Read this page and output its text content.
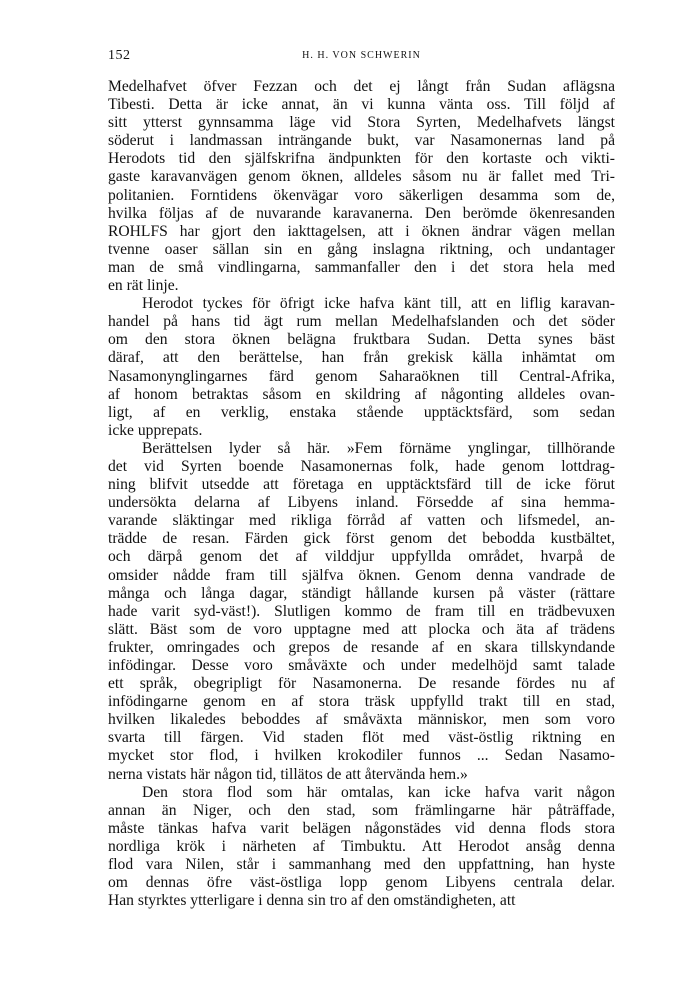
152	H. H. VON SCHWERIN
Medelhafvet öfver Fezzan och det ej långt från Sudan aflägsna
Tibesti. Detta är icke annat, än vi kunna vänta oss. Till följd af
sitt ytterst gynnsamma läge vid Stora Syrten, Medelhafvets längst
söderut i landmassan inträngande bukt, var Nasamonernas land på
Herodots tid den själfskrifna ändpunkten för den kortaste och vikti-
gaste karavanvägen genom öknen, alldeles såsom nu är fallet med Tri-
politanien. Forntidens ökenvägar voro säkerligen desamma som de,
hvilka följas af de nuvarande karavanerna. Den berömde ökenresanden
ROHLFS har gjort den iakttagelsen, att i öknen ändrar vägen mellan
tvenne oaser sällan sin en gång inslagna riktning, och undantager
man de små vindlingarna, sammanfaller den i det stora hela med
en rät linje.
Herodot tyckes för öfrigt icke hafva känt till, att en liflig karavan-
handel på hans tid ägt rum mellan Medelhafslanden och det söder
om den stora öknen belägna fruktbara Sudan. Detta synes bäst
däraf, att den berättelse, han från grekisk källa inhämtat om
Nasamonynglingarnes färd genom Saharaöknen till Central-Afrika,
af honom betraktas såsom en skildring af någonting alldeles ovan-
ligt, af en verklig, enstaka stående upptäcktsfärd, som sedan
icke upprepats.
Berättelsen lyder så här. »Fem förnäme ynglingar, tillhörande
det vid Syrten boende Nasamonernas folk, hade genom lottdrag-
ning blifvit utsedde att företaga en upptäcktsfärd till de icke förut
undersökta delarna af Libyens inland. Försedde af sina hemma-
varande släktingar med rikliga förråd af vatten och lifsmedel, an-
trädde de resan. Färden gick först genom det bebodda kustbältet,
och därpå genom det af vilddjur uppfyllda området, hvarpå de
omsider nådde fram till själfva öknen. Genom denna vandrade de
många och långa dagar, ständigt hållande kursen på väster (rättare
hade varit syd-väst!). Slutligen kommo de fram till en trädbevuxen
slätt. Bäst som de voro upptagne med att plocka och äta af trädens
frukter, omringades och grepos de resande af en skara tillskyndande
infödingar. Desse voro småväxte och under medelhöjd samt talade
ett språk, obegripligt för Nasamonerna. De resande fördes nu af
infödingarne genom en af stora träsk uppfylld trakt till en stad,
hvilken likaledes beboddes af småväxta människor, men som voro
svarta till färgen. Vid staden flöt med väst-östlig riktning en
mycket stor flod, i hvilken krokodiler funnos ... Sedan Nasamo-
nerna vistats här någon tid, tillätos de att återvända hem.»
Den stora flod som här omtalas, kan icke hafva varit någon
annan än Niger, och den stad, som främlingarne här påträffade,
måste tänkas hafva varit belägen någonstädes vid denna flods stora
nordliga krök i närheten af Timbuktu. Att Herodot ansåg denna
flod vara Nilen, står i sammanhang med den uppfattning, han hyste
om dennas öfre väst-östliga lopp genom Libyens centrala delar.
Han styrktes ytterligare i denna sin tro af den omständigheten, att
